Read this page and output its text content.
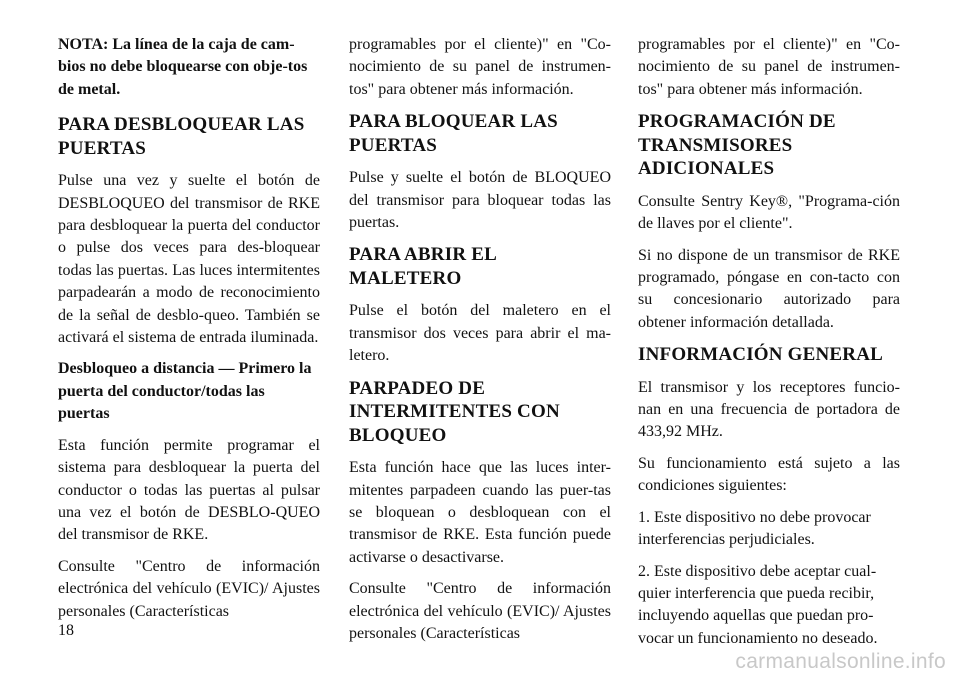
NOTA: La línea de la caja de cam-bios no debe bloquearse con obje-tos de metal.

PARA DESBLOQUEAR LAS PUERTAS

Pulse una vez y suelte el botón de DESBLOQUEO del transmisor de RKE para desbloquear la puerta del conductor o pulse dos veces para des-bloquear todas las puertas. Las luces intermitentes parpadearán a modo de reconocimiento de la señal de desblo-queo. También se activará el sistema de entrada iluminada.

Desbloqueo a distancia — Primero la puerta del conductor/todas las puertas

Esta función permite programar el sistema para desbloquear la puerta del conductor o todas las puertas al pulsar una vez el botón de DESBLO-QUEO del transmisor de RKE.

Consulte "Centro de información electrónica del vehículo (EVIC)/ Ajustes personales (Características

programables por el cliente)" en "Co-nocimiento de su panel de instrumen-tos" para obtener más información.

PARA BLOQUEAR LAS PUERTAS

Pulse y suelte el botón de BLOQUEO del transmisor para bloquear todas las puertas.

PARA ABRIR EL MALETERO

Pulse el botón del maletero en el transmisor dos veces para abrir el ma-letero.

PARPADEO DE INTERMITENTES CON BLOQUEO

Esta función hace que las luces inter-mitentes parpadeen cuando las puer-tas se bloquean o desbloquean con el transmisor de RKE. Esta función puede activarse o desactivarse.

Consulte "Centro de información electrónica del vehículo (EVIC)/ Ajustes personales (Características

programables por el cliente)" en "Co-nocimiento de su panel de instrumen-tos" para obtener más información.

PROGRAMACIÓN DE TRANSMISORES ADICIONALES

Consulte Sentry Key®, "Programa-ción de llaves por el cliente".

Si no dispone de un transmisor de RKE programado, póngase en con-tacto con su concesionario autorizado para obtener información detallada.

INFORMACIÓN GENERAL

El transmisor y los receptores funcio-nan en una frecuencia de portadora de 433,92 MHz.

Su funcionamiento está sujeto a las condiciones siguientes:

1. Este dispositivo no debe provocar interferencias perjudiciales.

2. Este dispositivo debe aceptar cual-quier interferencia que pueda recibir, incluyendo aquellas que puedan pro-vocar un funcionamiento no deseado.

18
carmanualsonline.info
